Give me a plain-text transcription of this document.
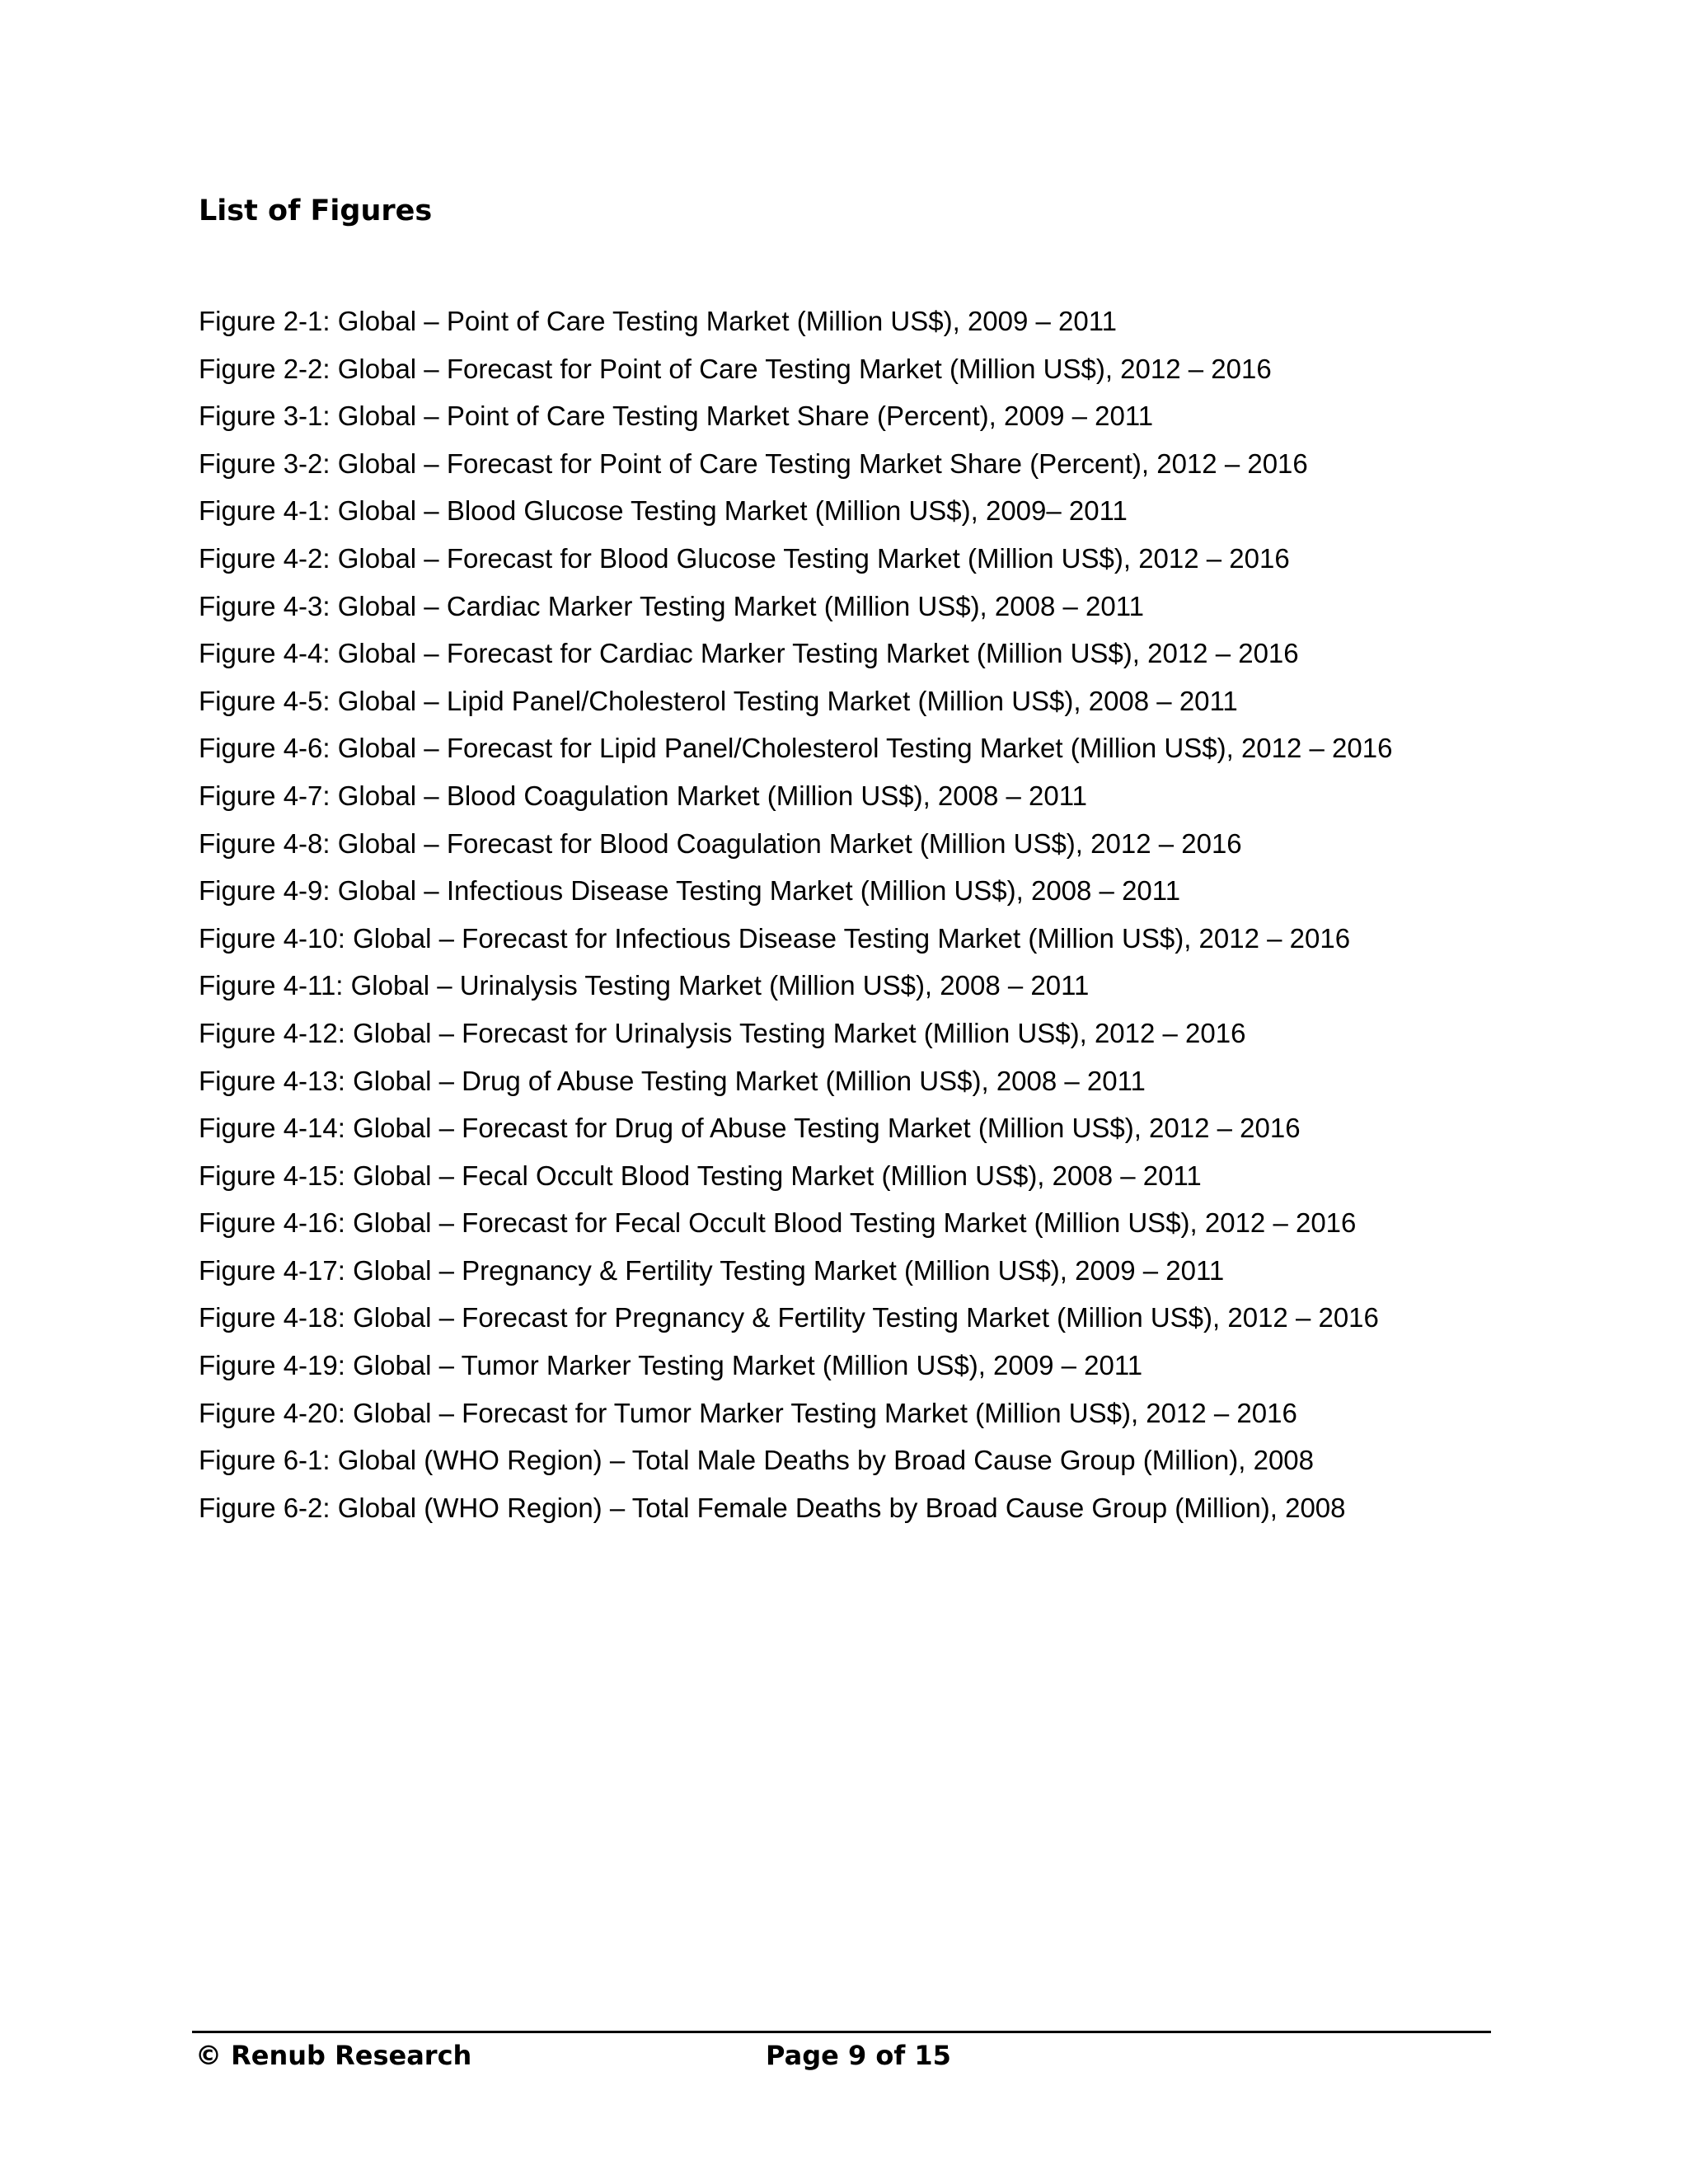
List of Figures
Figure 2-1: Global – Point of Care Testing Market (Million US$), 2009 – 2011
Figure 2-2: Global – Forecast for Point of Care Testing Market (Million US$), 2012 – 2016
Figure 3-1: Global – Point of Care Testing Market Share (Percent), 2009 – 2011
Figure 3-2: Global – Forecast for Point of Care Testing Market Share (Percent), 2012 – 2016
Figure 4-1: Global – Blood Glucose Testing Market (Million US$), 2009– 2011
Figure 4-2: Global – Forecast for Blood Glucose Testing Market (Million US$), 2012 – 2016
Figure 4-3: Global – Cardiac Marker Testing Market (Million US$), 2008 – 2011
Figure 4-4: Global – Forecast for Cardiac Marker Testing Market (Million US$), 2012 – 2016
Figure 4-5: Global – Lipid Panel/Cholesterol Testing Market (Million US$), 2008 – 2011
Figure 4-6: Global – Forecast for Lipid Panel/Cholesterol Testing Market (Million US$), 2012 – 2016
Figure 4-7: Global – Blood Coagulation Market (Million US$), 2008 – 2011
Figure 4-8: Global – Forecast for Blood Coagulation Market (Million US$), 2012 – 2016
Figure 4-9: Global – Infectious Disease Testing Market (Million US$), 2008 – 2011
Figure 4-10: Global – Forecast for Infectious Disease Testing Market (Million US$), 2012 – 2016
Figure 4-11: Global – Urinalysis Testing Market (Million US$), 2008 – 2011
Figure 4-12: Global – Forecast for Urinalysis Testing Market (Million US$), 2012 – 2016
Figure 4-13: Global – Drug of Abuse Testing Market (Million US$), 2008 – 2011
Figure 4-14: Global – Forecast for Drug of Abuse Testing Market (Million US$), 2012 – 2016
Figure 4-15: Global – Fecal Occult Blood Testing Market (Million US$), 2008 – 2011
Figure 4-16: Global – Forecast for Fecal Occult Blood Testing Market (Million US$), 2012 – 2016
Figure 4-17: Global – Pregnancy & Fertility Testing Market (Million US$), 2009 – 2011
Figure 4-18: Global – Forecast for Pregnancy & Fertility Testing Market (Million US$), 2012 – 2016
Figure 4-19: Global – Tumor Marker Testing Market (Million US$), 2009 – 2011
Figure 4-20: Global – Forecast for Tumor Marker Testing Market (Million US$), 2012 – 2016
Figure 6-1: Global (WHO Region) – Total Male Deaths by Broad Cause Group (Million), 2008
Figure 6-2: Global (WHO Region) – Total Female Deaths by Broad Cause Group (Million), 2008
© Renub Research	Page 9 of 15
